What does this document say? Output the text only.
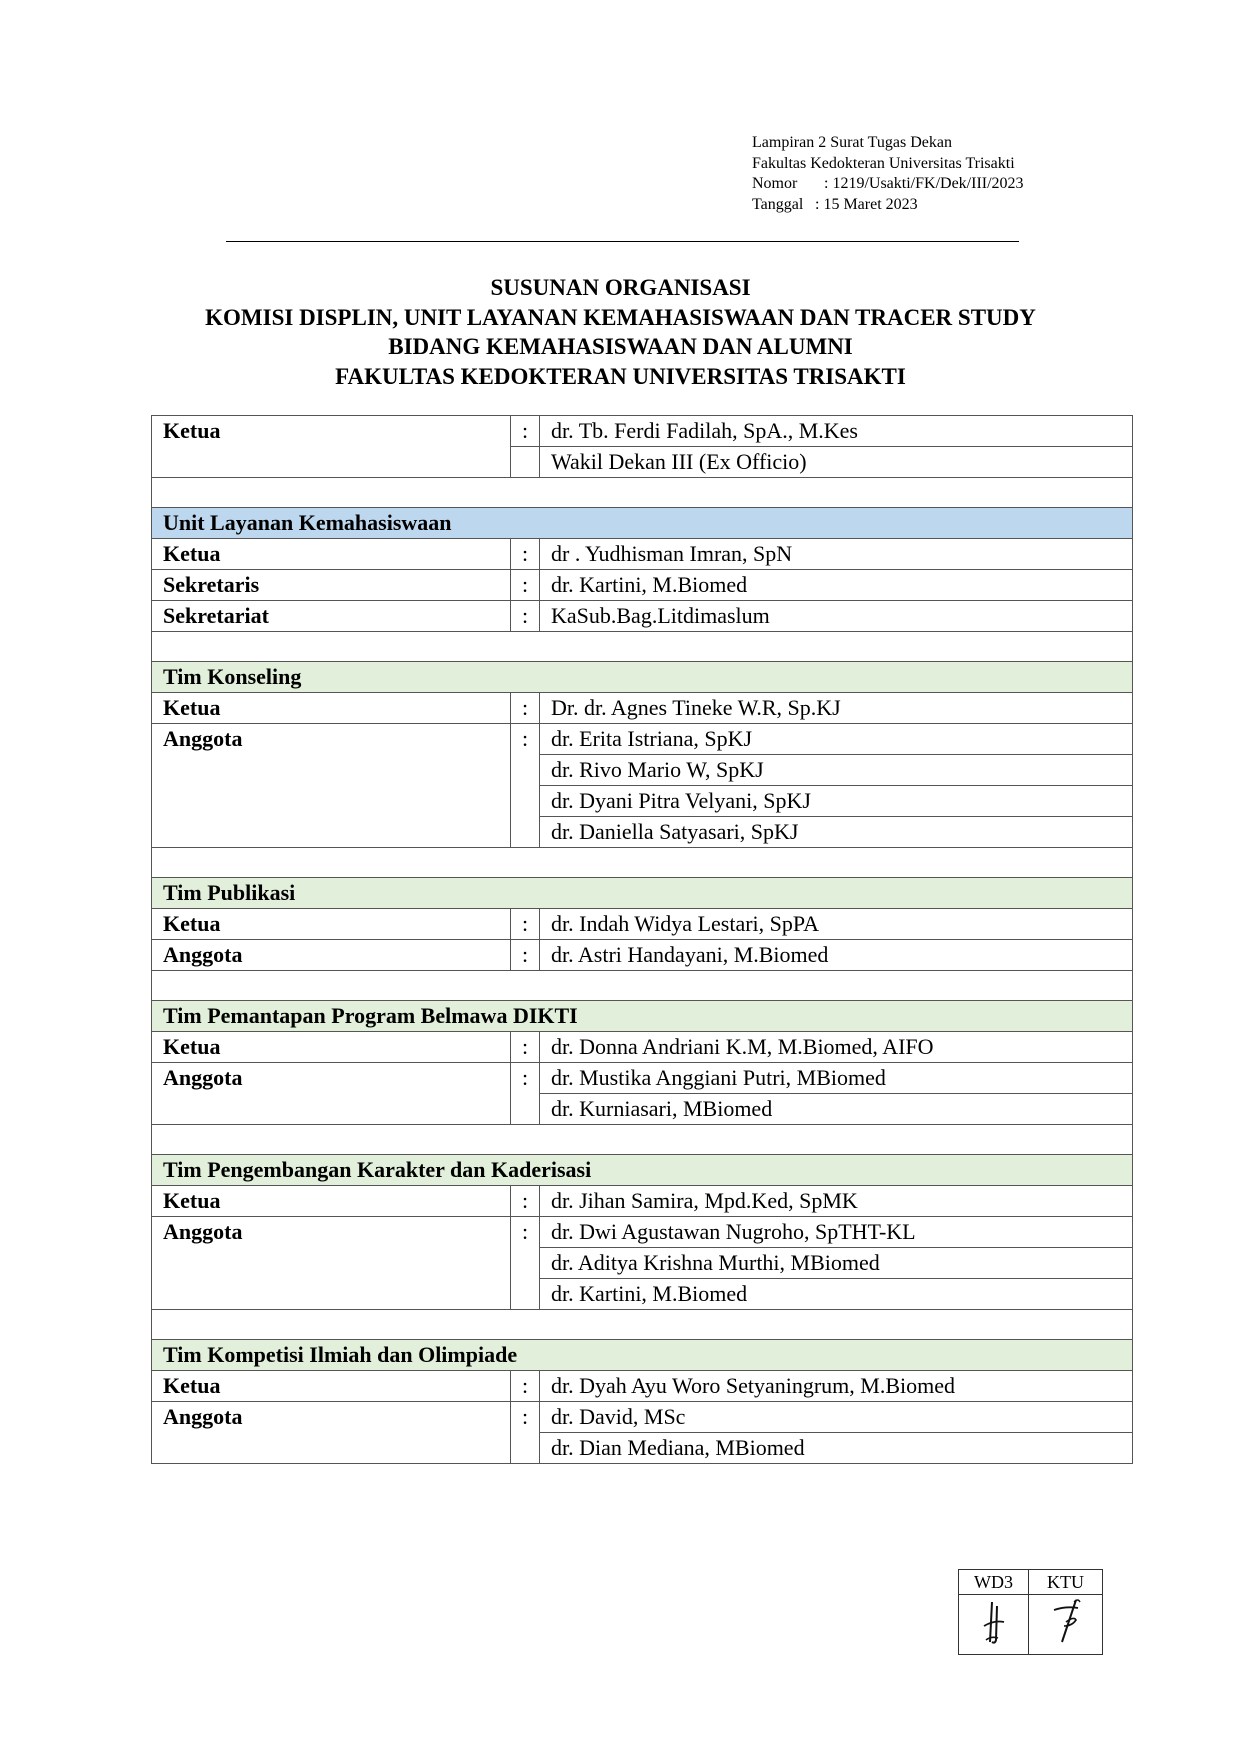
Lampiran 2 Surat Tugas Dekan
Fakultas Kedokteran Universitas Trisakti
Nomor : 1219/Usakti/FK/Dek/III/2023
Tanggal : 15 Maret 2023
SUSUNAN ORGANISASI
KOMISI DISPLIN, UNIT LAYANAN KEMAHASISWAAN DAN TRACER STUDY
BIDANG KEMAHASISWAAN DAN ALUMNI
FAKULTAS KEDOKTERAN UNIVERSITAS TRISAKTI
Ketua	:	dr. Tb. Ferdi Fadilah, SpA., M.Kes
		Wakil Dekan III (Ex Officio)

Unit Layanan Kemahasiswaan		
Ketua	:	dr . Yudhisman Imran, SpN
Sekretaris	:	dr. Kartini, M.Biomed
Sekretariat	:	KaSub.Bag.Litdimaslum

Tim Konseling		
Ketua	:	Dr. dr. Agnes Tineke W.R, Sp.KJ
Anggota	:	dr. Erita Istriana, SpKJ
		dr. Rivo Mario W, SpKJ
		dr. Dyani Pitra Velyani, SpKJ
		dr. Daniella Satyasari, SpKJ

Tim Publikasi		
Ketua	:	dr. Indah Widya Lestari, SpPA
Anggota	:	dr. Astri Handayani, M.Biomed

Tim Pemantapan Program Belmawa DIKTI		
Ketua	:	dr. Donna Andriani K.M, M.Biomed, AIFO
Anggota	:	dr. Mustika Anggiani Putri, MBiomed
		dr. Kurniasari, MBiomed

Tim Pengembangan Karakter dan Kaderisasi		
Ketua	:	dr. Jihan Samira, Mpd.Ked, SpMK
Anggota	:	dr. Dwi Agustawan Nugroho, SpTHT-KL
		dr. Aditya Krishna Murthi, MBiomed
		dr. Kartini, M.Biomed

Tim Kompetisi Ilmiah dan Olimpiade		
Ketua	:	dr. Dyah Ayu Woro Setyaningrum, M.Biomed
Anggota	:	dr. David, MSc
		dr. Dian Mediana, MBiomed
WD3	KTU
